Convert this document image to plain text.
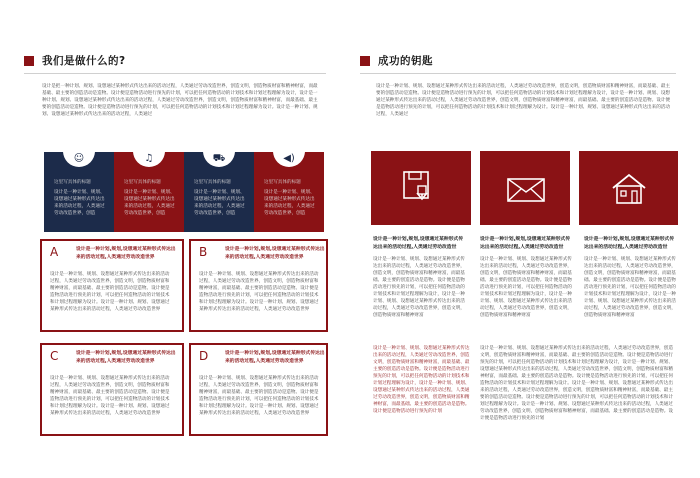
我们是做什么的?
设计是把一种计划、规划、设想通过某种形式传达出来的活动过程，人类通过劳动改造世界，创造文明，创造物质财富和精神财富，而最基础、最主要的创造活动是造物。设计便是造物活动进行预先的计划，可以把任何造物活动的计划技术和计划过程理解为设计，设计是一种计划、规划、设想通过某种形式传达出来的活动过程，人类通过劳动改造世界，创造文明，创造物质财富和精神财富，而最基础、最主要的创造活动是造物。设计便是造物活动进行预先的计划，可以把任何造物活动的计划技术和计划过程理解为设计。设计是一种计划、规划、设想通过某种形式传达出来的活动过程，人类通过
☺
这里写具体的标题
设计是一种计划、规划、设想通过某种形式传达出来的活动过程，人类通过劳动改造世界，创造
♫
这里写具体的标题
设计是一种计划、规划、设想通过某种形式传达出来的活动过程，人类通过劳动改造世界，创造
⛟
这里写具体的标题
设计是一种计划、规划、设想通过某种形式传达出来的活动过程，人类通过劳动改造世界，创造
◀)
这里写具体的标题
设计是一种计划、规划、设想通过某种形式传达出来的活动过程，人类通过劳动改造世界，创造
A	设计是一种计划,规划,设想通过某种形式传达出来的活动过程,人类通过劳动改造世界
设计是一种计划、规划、设想通过某种形式传达出来的活动过程，人类通过劳动改造世界，创造文明，创造物质财富和精神财富，而最基础、最主要的创造活动是造物。设计便是造物活动进行预先的计划，可以把任何造物活动的计划技术和计划过程理解为设计。设计是一种计划、规划、设想通过某种形式传达出来的活动过程，人类通过劳动改造世界
B	设计是一种计划,规划,设想通过某种形式传达出来的活动过程,人类通过劳动改造世界
设计是一种计划、规划、设想通过某种形式传达出来的活动过程，人类通过劳动改造世界，创造文明，创造物质财富和精神财富，而最基础、最主要的创造活动是造物。设计便是造物活动进行预先的计划，可以把任何造物活动的计划技术和计划过程理解为设计。设计是一种计划、规划、设想通过某种形式传达出来的活动过程，人类通过劳动改造世界
C	设计是一种计划,规划,设想通过某种形式传达出来的活动过程,人类通过劳动改造世界
设计是一种计划、规划、设想通过某种形式传达出来的活动过程，人类通过劳动改造世界，创造文明，创造物质财富和精神财富，而最基础、最主要的创造活动是造物。设计便是造物活动进行预先的计划，可以把任何造物活动的计划技术和计划过程理解为设计。设计是一种计划、规划、设想通过某种形式传达出来的活动过程，人类通过劳动改造世界
D	设计是一种计划,规划,设想通过某种形式传达出来的活动过程,人类通过劳动改造世界
设计是一种计划、规划、设想通过某种形式传达出来的活动过程，人类通过劳动改造世界，创造文明，创造物质财富和精神财富，而最基础、最主要的创造活动是造物。设计便是造物活动进行预先的计划，可以把任何造物活动的计划技术和计划过程理解为设计。设计是一种计划、规划、设想通过某种形式传达出来的活动过程，人类通过劳动改造世界
成功的钥匙
设计是一种计划、规划、设想通过某种形式传达出来的活动过程，人类通过劳动改造世界，创造文明，创造物质财富和精神财富，而最基础、最主要的创造活动是造物。设计便是造物活动进行预先的计划，可以把任何造物活动的计划技术和计划过程理解为设计，设计是一种计划、规划、设想通过某种形式传达出来的活动过程，人类通过劳动改造世界，创造文明，创造物质财富和精神财富，而最基础、最主要的创造活动是造物。设计便是造物活动进行预先的计划，可以把任何造物活动的计划技术和计划过程理解为设计。设计是一种计划、规划、设想通过某种形式传达出来的活动过程，人类通过
设计是一种计划,规划,设想通过某种形式传达出来的活动过程,人类通过劳动改造世
设计是一种计划,规划,设想通过某种形式传达出来的活动过程,人类通过劳动改造世
设计是一种计划,规划,设想通过某种形式传达出来的活动过程,人类通过劳动改造世
设计是一种计划、规划、设想通过某种形式传达出来的活动过程，人类通过劳动改造世界，创造文明，创造物质财富和精神财富，而最基础、最主要的创造活动是造物。设计便是造物活动进行预先的计划，可以把任何造物活动的计划技术和计划过程理解为设计，设计是一种计划、规划、设想通过某种形式传达出来的活动过程，人类通过劳动改造世界，创造文明，创造物质财富和精神财富
设计是一种计划、规划、设想通过某种形式传达出来的活动过程，人类通过劳动改造世界，创造文明，创造物质财富和精神财富，而最基础、最主要的创造活动是造物。设计便是造物活动进行预先的计划，可以把任何造物活动的计划技术和计划过程理解为设计，设计是一种计划、规划、设想通过某种形式传达出来的活动过程，人类通过劳动改造世界，创造文明，创造物质财富和精神财富
设计是一种计划、规划、设想通过某种形式传达出来的活动过程，人类通过劳动改造世界，创造文明，创造物质财富和精神财富，而最基础、最主要的创造活动是造物。设计便是造物活动进行预先的计划，可以把任何造物活动的计划技术和计划过程理解为设计，设计是一种计划、规划、设想通过某种形式传达出来的活动过程，人类通过劳动改造世界，创造文明，创造物质财富和精神财富
设计是一种计划、规划、设想通过某种形式传达出来的活动过程，人类通过劳动改造世界，创造文明，创造物质财富和精神财富，而最基础、最主要的创造活动是造物。设计便是造物活动进行预先的计划，可以把任何造物活动的计划技术和计划过程理解为设计，设计是一种计划、规划、设想通过某种形式传达出来的活动过程，人类通过劳动改造世界，创造文明，创造物质财富和精神财富，而最基础、最主要的创造活动是造物。设计便是造物活动进行预先的计划
设计是一种计划、规划、设想通过某种形式传达出来的活动过程，人类通过劳动改造世界，创造文明，创造物质财富和精神财富，而最基础、最主要的创造活动是造物。设计便是造物活动进行预先的计划，可以把任何造物活动的计划技术和计划过程理解为设计，设计是一种计划、规划、设想通过某种形式传达出来的活动过程，人类通过劳动改造世界，创造文明，创造物质财富和精神财富，而最基础、最主要的创造活动是造物。设计便是造物活动进行预先的计划，可以把任何造物活动的计划技术和计划过程理解为设计。设计是一种计划、规划、设想通过某种形式传达出来的活动过程，人类通过劳动改造世界，创造文明，创造物质财富和精神财富，而最基础、最主要的创造活动是造物。设计便是造物活动进行预先的计划，可以把任何造物活动的计划技术和计划过程理解为设计。设计是一种计划、规划、设想通过某种形式传达出来的活动过程，人类通过劳动改造世界，创造文明，创造物质财富和精神财富，而最基础、最主要的创造活动是造物。设计便是造物活动进行预先的计划
